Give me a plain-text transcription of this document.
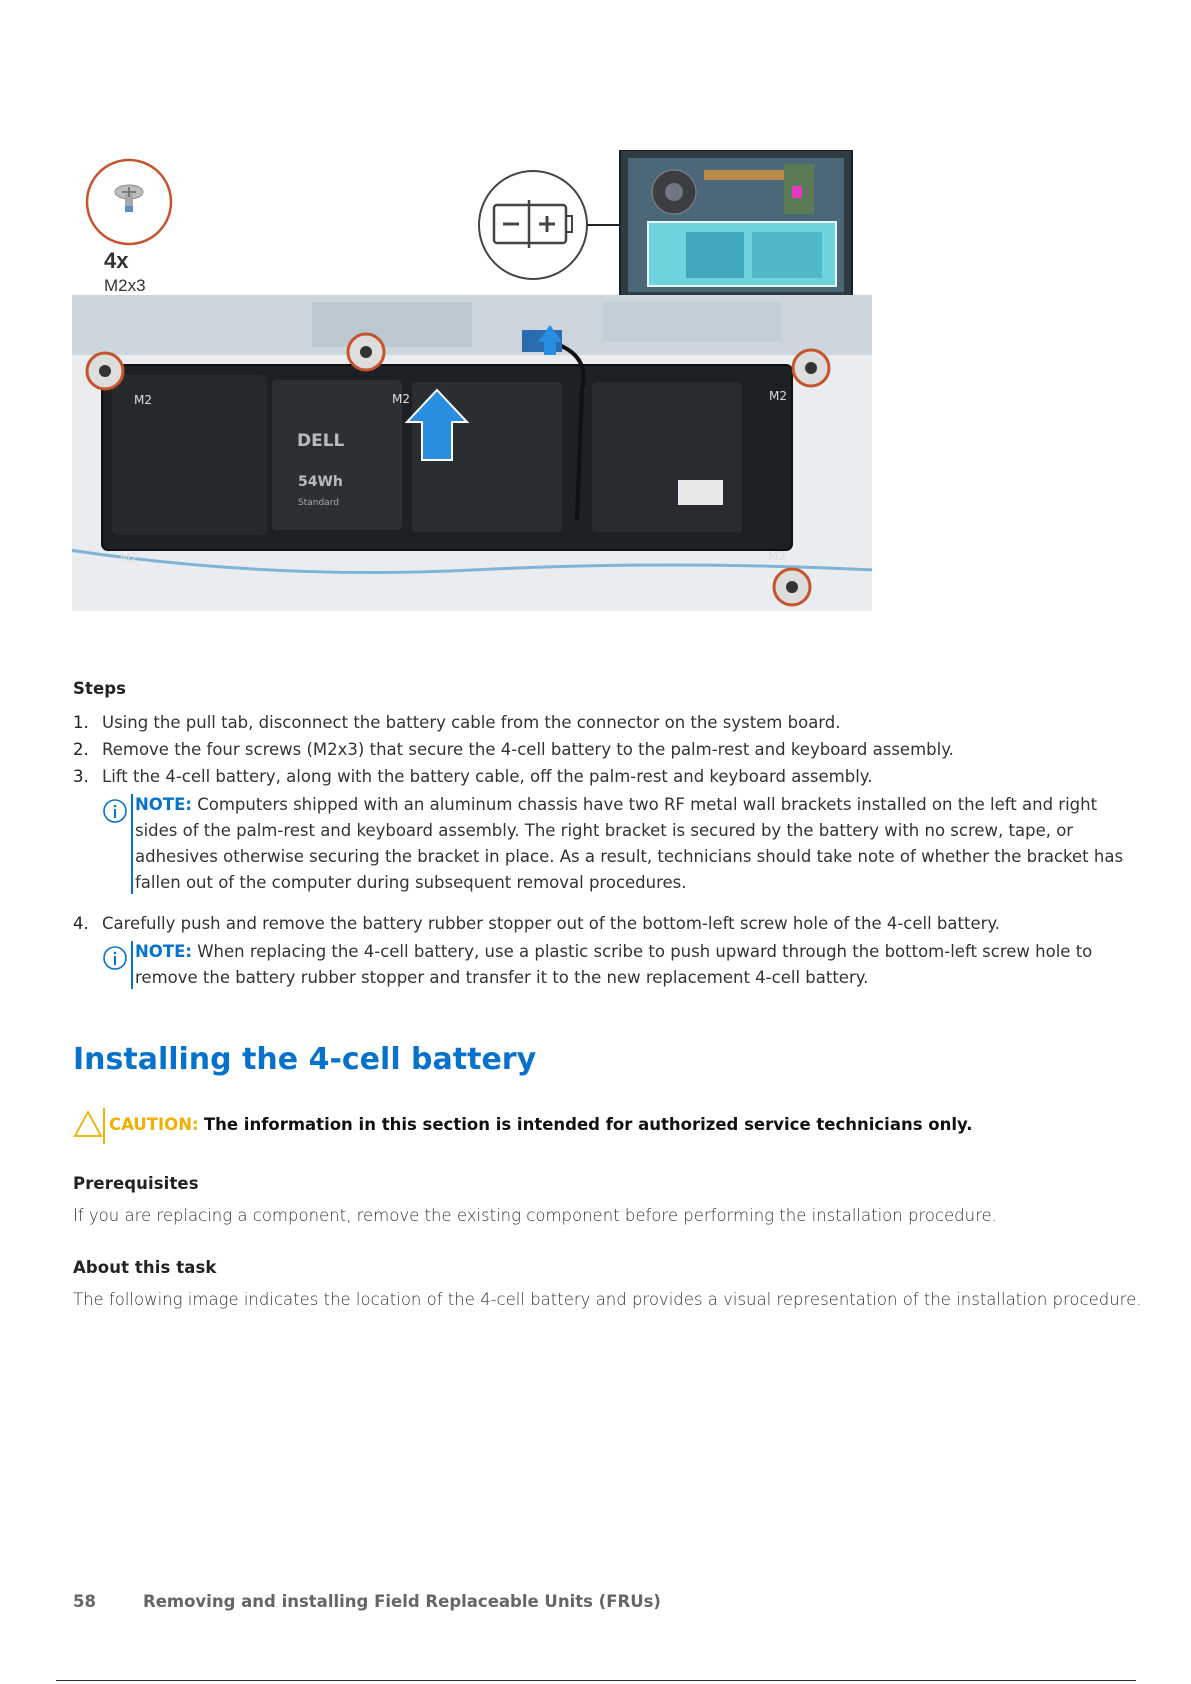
M2	M2	M2
M2	M2
DELL
54Wh
Standard
4x
M2x3
Steps
1. Using the pull tab, disconnect the battery cable from the connector on the system board.
2. Remove the four screws (M2x3) that secure the 4-cell battery to the palm-rest and keyboard assembly.
3. Lift the 4-cell battery, along with the battery cable, off the palm-rest and keyboard assembly.
NOTE: Computers shipped with an aluminum chassis have two RF metal wall brackets installed on the left and right sides of the palm-rest and keyboard assembly. The right bracket is secured by the battery with no screw, tape, or adhesives otherwise securing the bracket in place. As a result, technicians should take note of whether the bracket has fallen out of the computer during subsequent removal procedures.
4. Carefully push and remove the battery rubber stopper out of the bottom-left screw hole of the 4-cell battery.
NOTE: When replacing the 4-cell battery, use a plastic scribe to push upward through the bottom-left screw hole to remove the battery rubber stopper and transfer it to the new replacement 4-cell battery.
Installing the 4-cell battery
CAUTION: The information in this section is intended for authorized service technicians only.
Prerequisites
If you are replacing a component, remove the existing component before performing the installation procedure.
About this task
The following image indicates the location of the 4-cell battery and provides a visual representation of the installation procedure.
58	Removing and installing Field Replaceable Units (FRUs)
